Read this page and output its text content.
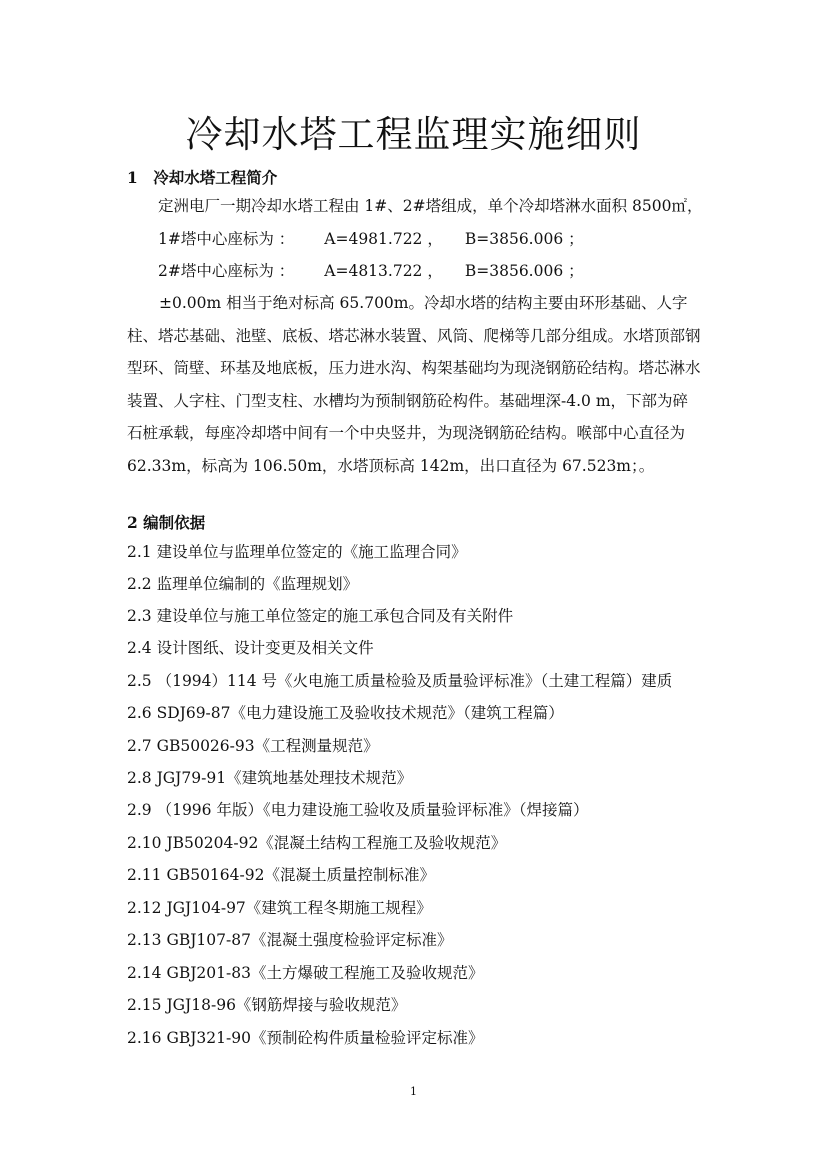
冷却水塔工程监理实施细则

1　冷却水塔工程简介

定洲电厂一期冷却水塔工程由 1#、2#塔组成，单个冷却塔淋水面积 8500㎡，

1#塔中心座标为 ： A=4981.722 ， B=3856.006 ；

2#塔中心座标为 ： A=4813.722 ， B=3856.006 ；

±0.00m 相当于绝对标高 65.700m。冷却水塔的结构主要由环形基础、人字柱、塔芯基础、池壁、底板、塔芯淋水装置、风筒、爬梯等几部分组成。水塔顶部钢型环、筒壁、环基及地底板，压力进水沟、构架基础均为现浇钢筋砼结构。塔芯淋水装置、人字柱、门型支柱、水槽均为预制钢筋砼构件。基础埋深-4.0 m，下部为碎石桩承载，每座冷却塔中间有一个中央竖井，为现浇钢筋砼结构。喉部中心直径为 62.33m，标高为 106.50m，水塔顶标高 142m，出口直径为 67.523m；。

2 编制依据

2.1 建设单位与监理单位签定的《施工监理合同》

2.2 监理单位编制的《监理规划》

2.3 建设单位与施工单位签定的施工承包合同及有关附件

2.4 设计图纸、设计变更及相关文件

2.5 （1994）114 号《火电施工质量检验及质量验评标准》（土建工程篇）建质

2.6 SDJ69-87《电力建设施工及验收技术规范》（建筑工程篇）

2.7 GB50026-93《工程测量规范》

2.8 JGJ79-91《建筑地基处理技术规范》

2.9 （1996 年版）《电力建设施工验收及质量验评标准》（焊接篇）

2.10 JB50204-92《混凝土结构工程施工及验收规范》

2.11 GB50164-92《混凝土质量控制标准》

2.12 JGJ104-97《建筑工程冬期施工规程》

2.13 GBJ107-87《混凝土强度检验评定标准》

2.14 GBJ201-83《土方爆破工程施工及验收规范》

2.15 JGJ18-96《钢筋焊接与验收规范》

2.16 GBJ321-90《预制砼构件质量检验评定标准》

1
